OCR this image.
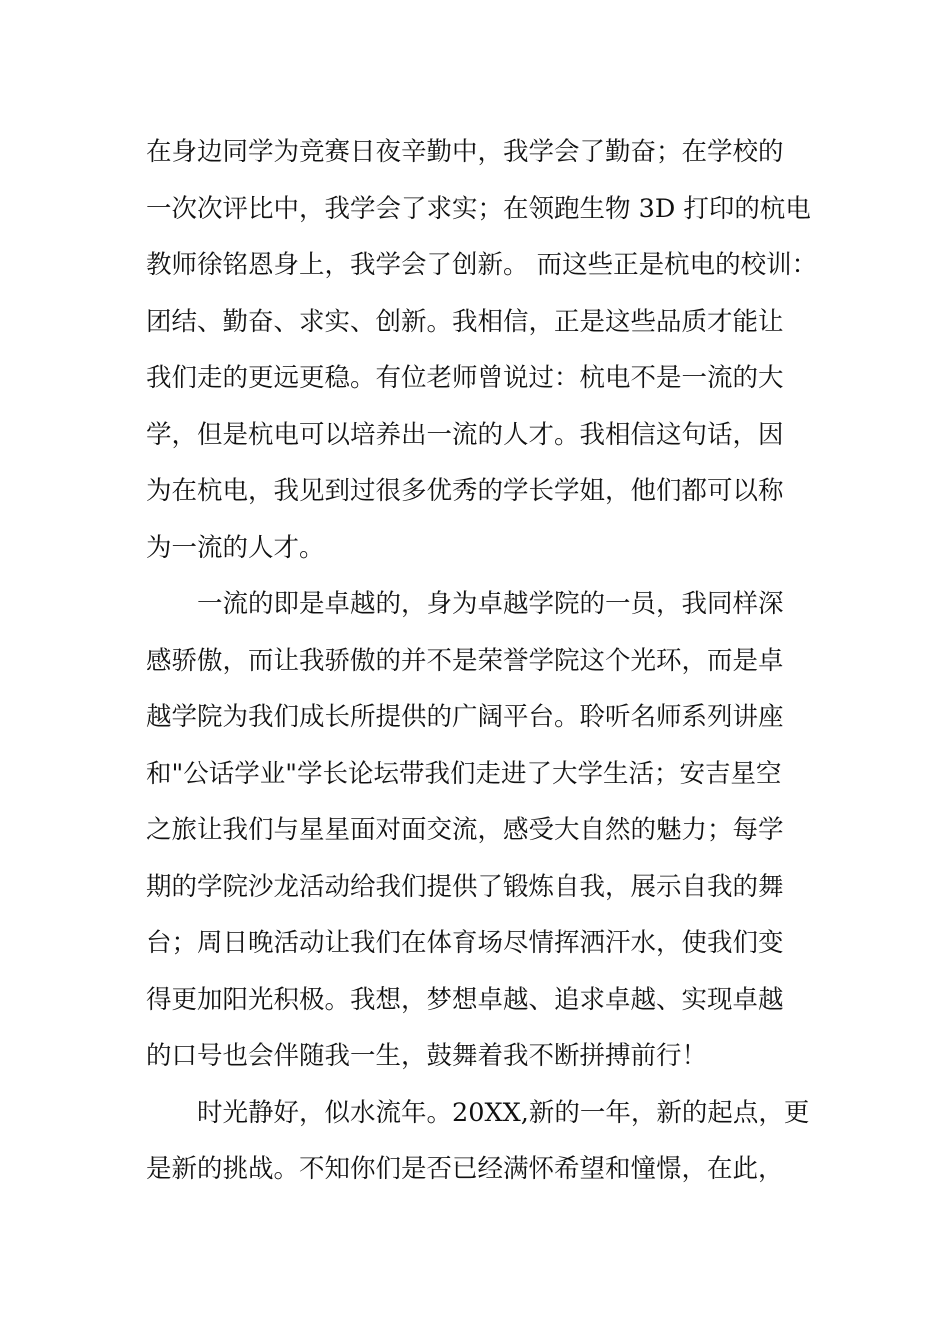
在身边同学为竞赛日夜辛勤中，我学会了勤奋；在学校的
一次次评比中，我学会了求实；在领跑生物 3D 打印的杭电
教师徐铭恩身上，我学会了创新。 而这些正是杭电的校训：
团结、勤奋、求实、创新。我相信，正是这些品质才能让
我们走的更远更稳。有位老师曾说过：杭电不是一流的大
学，但是杭电可以培养出一流的人才。我相信这句话，因
为在杭电，我见到过很多优秀的学长学姐，他们都可以称
为一流的人才。
　　一流的即是卓越的，身为卓越学院的一员，我同样深
感骄傲，而让我骄傲的并不是荣誉学院这个光环，而是卓
越学院为我们成长所提供的广阔平台。聆听名师系列讲座
和"公话学业"学长论坛带我们走进了大学生活；安吉星空
之旅让我们与星星面对面交流，感受大自然的魅力；每学
期的学院沙龙活动给我们提供了锻炼自我，展示自我的舞
台；周日晚活动让我们在体育场尽情挥洒汗水，使我们变
得更加阳光积极。我想，梦想卓越、追求卓越、实现卓越
的口号也会伴随我一生，鼓舞着我不断拼搏前行！
　　时光静好，似水流年。20XX,新的一年，新的起点，更
是新的挑战。不知你们是否已经满怀希望和憧憬，在此，
